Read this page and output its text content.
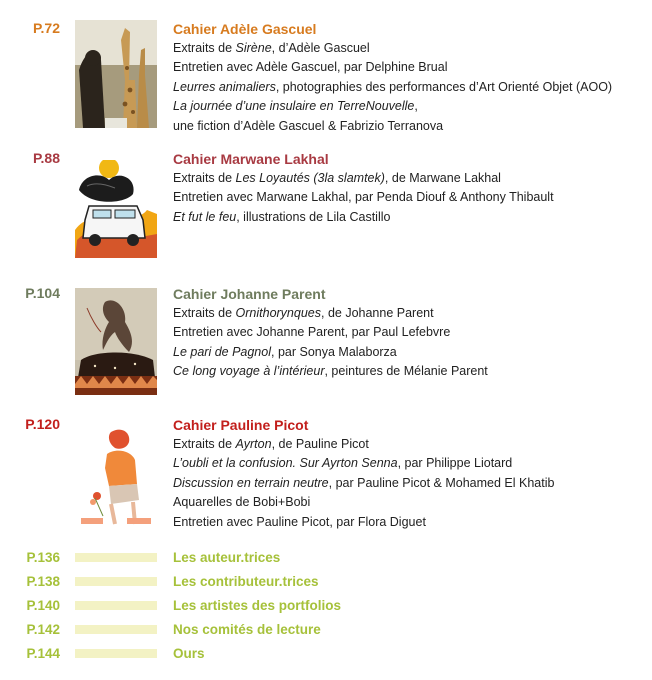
P.72	Cahier Adèle Gascuel
Extraits de Sirène, d’Adèle Gascuel
Entretien avec Adèle Gascuel, par Delphine Brual
Leurres animaliers, photographies des performances d’Art Orienté Objet (AOO)
La journée d’une insulaire en TerreNouvelle,
une fiction d’Adèle Gascuel & Fabrizio Terranova
P.88	Cahier Marwane Lakhal
Extraits de Les Loyautés (3la slamtek), de Marwane Lakhal
Entretien avec Marwane Lakhal, par Penda Diouf & Anthony Thibault
Et fut le feu, illustrations de Lila Castillo
P.104	Cahier Johanne Parent
Extraits de Ornithorynques, de Johanne Parent
Entretien avec Johanne Parent, par Paul Lefebvre
Le pari de Pagnol, par Sonya Malaborza
Ce long voyage à l’intérieur, peintures de Mélanie Parent
P.120	Cahier Pauline Picot
Extraits de Ayrton, de Pauline Picot
L’oubli et la confusion. Sur Ayrton Senna, par Philippe Liotard
Discussion en terrain neutre, par Pauline Picot & Mohamed El Khatib
Aquarelles de Bobi+Bobi
Entretien avec Pauline Picot, par Flora Diguet
P.136	Les auteur.trices
P.138	Les contributeur.trices
P.140	Les artistes des portfolios
P.142	Nos comités de lecture
P.144	Ours
